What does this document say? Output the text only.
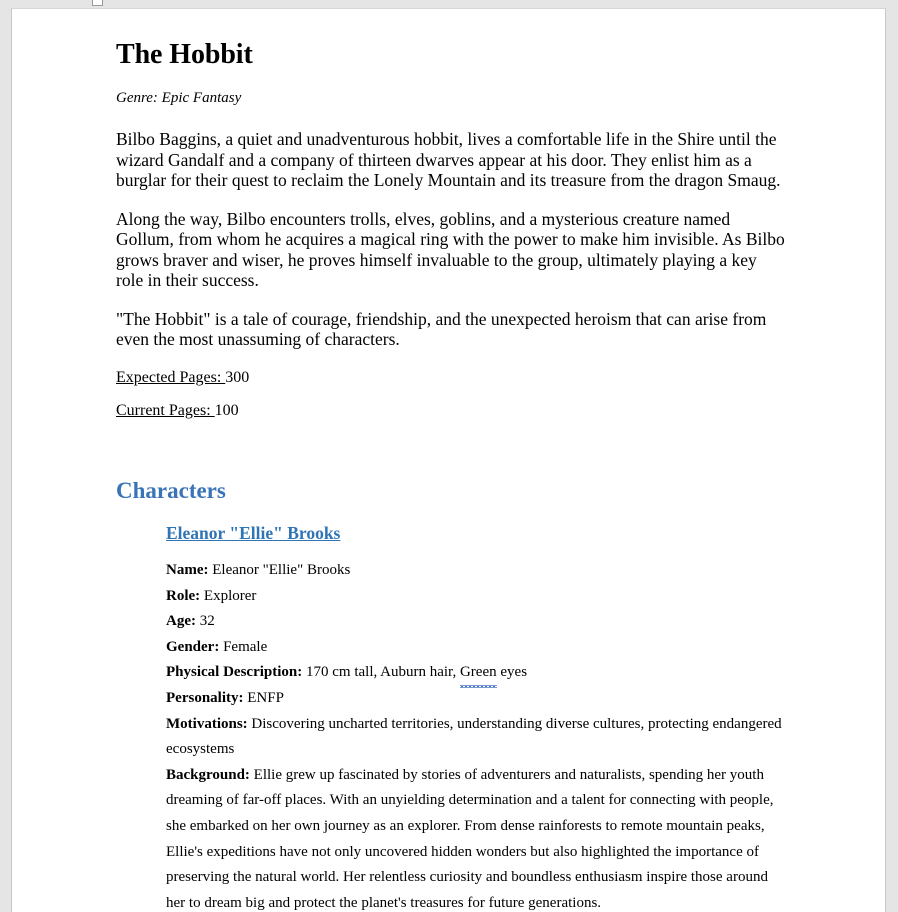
The Hobbit

Genre: Epic Fantasy

Bilbo Baggins, a quiet and unadventurous hobbit, lives a comfortable life in the Shire until the wizard Gandalf and a company of thirteen dwarves appear at his door. They enlist him as a burglar for their quest to reclaim the Lonely Mountain and its treasure from the dragon Smaug.

Along the way, Bilbo encounters trolls, elves, goblins, and a mysterious creature named Gollum, from whom he acquires a magical ring with the power to make him invisible. As Bilbo grows braver and wiser, he proves himself invaluable to the group, ultimately playing a key role in their success.

"The Hobbit" is a tale of courage, friendship, and the unexpected heroism that can arise from even the most unassuming of characters.

Expected Pages: 300

Current Pages: 100

Characters
Eleanor "Ellie" Brooks

Name: Eleanor "Ellie" Brooks

Role: Explorer

Age: 32

Gender: Female

Physical Description: 170 cm tall, Auburn hair, Green eyes

Personality: ENFP

Motivations: Discovering uncharted territories, understanding diverse cultures, protecting endangered ecosystems

Background: Ellie grew up fascinated by stories of adventurers and naturalists, spending her youth dreaming of far-off places. With an unyielding determination and a talent for connecting with people, she embarked on her own journey as an explorer. From dense rainforests to remote mountain peaks, Ellie's expeditions have not only uncovered hidden wonders but also highlighted the importance of preserving the natural world. Her relentless curiosity and boundless enthusiasm inspire those around her to dream big and protect the planet's treasures for future generations.
